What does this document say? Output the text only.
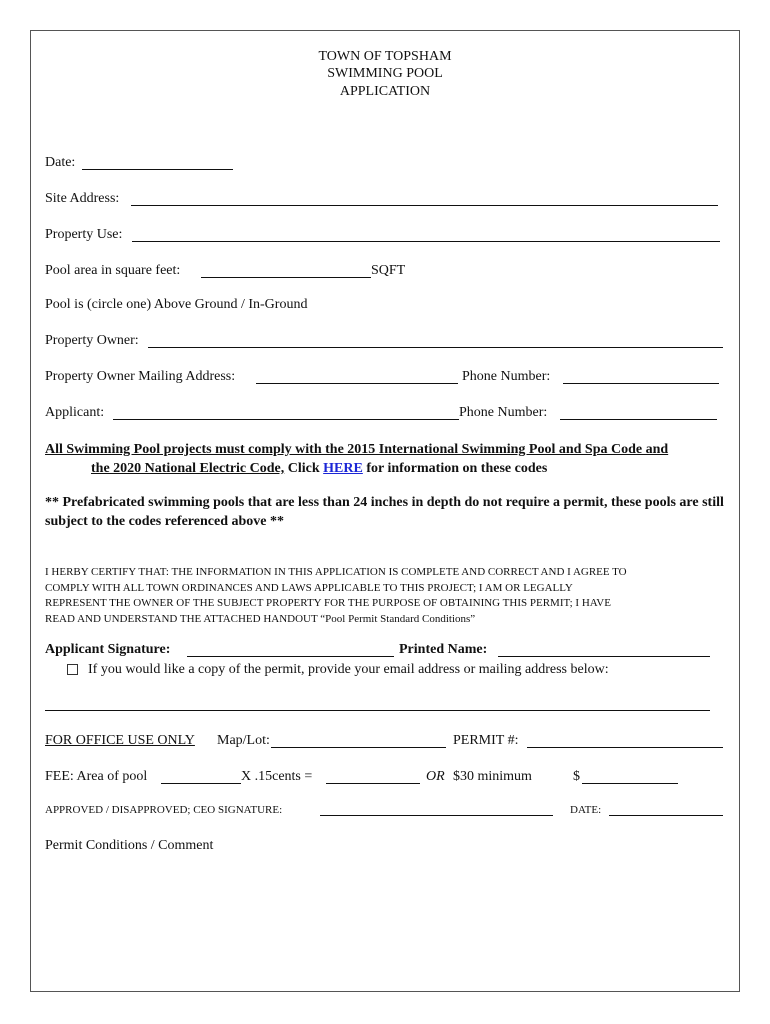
TOWN OF TOPSHAM
SWIMMING POOL
APPLICATION
Date:
Site Address:
Property Use:
Pool area in square feet:	SQFT
Pool is (circle one) Above Ground / In-Ground
Property Owner:
Property Owner Mailing Address:	Phone Number:
Applicant:	Phone Number:
All Swimming Pool projects must comply with the 2015 International Swimming Pool and Spa Code and
the 2020 National Electric Code, Click HERE for information on these codes
** Prefabricated swimming pools that are less than 24 inches in depth do not require a permit, these pools are still subject to the codes referenced above **
I HERBY CERTIFY THAT: THE INFORMATION IN THIS APPLICATION IS COMPLETE AND CORRECT AND I AGREE TO
COMPLY WITH ALL TOWN ORDINANCES AND LAWS APPLICABLE TO THIS PROJECT; I AM OR LEGALLY
REPRESENT THE OWNER OF THE SUBJECT PROPERTY FOR THE PURPOSE OF OBTAINING THIS PERMIT; I HAVE
READ AND UNDERSTAND THE ATTACHED HANDOUT “Pool Permit Standard Conditions”
Applicant Signature:	Printed Name:
If you would like a copy of the permit, provide your email address or mailing address below:
FOR OFFICE USE ONLY Map/Lot:	PERMIT #:
FEE: Area of pool	X .15cents =	OR $30 minimum	$
APPROVED / DISAPPROVED; CEO SIGNATURE:	DATE:
Permit Conditions / Comment
